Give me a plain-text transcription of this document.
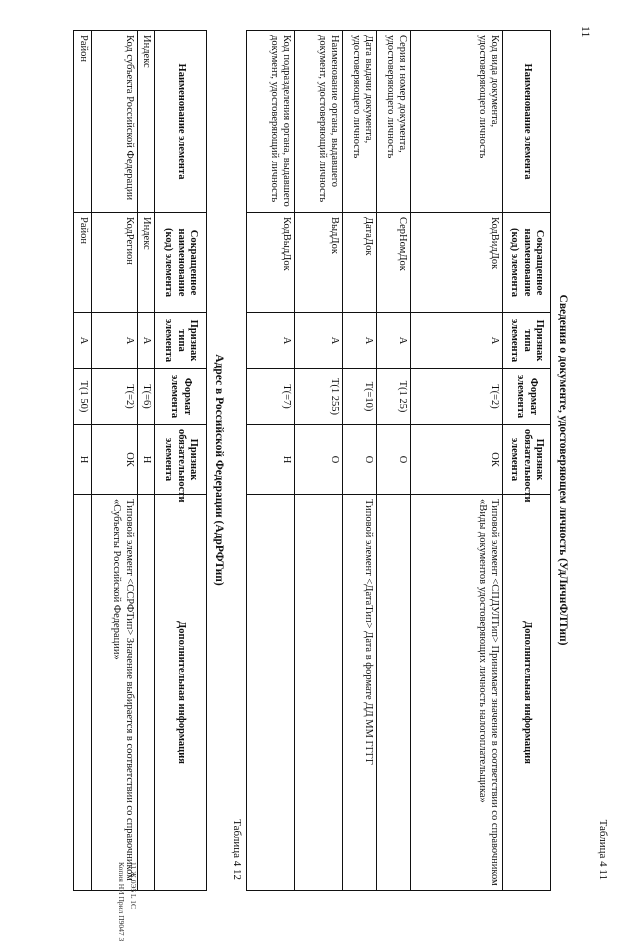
11
Таблица 4 11
Сведения о документе, удостоверяющем личность (УдЛичнФЛТип)
Наименование элемента	Сокращенное наименование (код) элемента	Признак типа элемента	Формат элемента	Признак обязательности элемента	Дополнительная информация
Код вида документа, удостоверяющего личность	КодВидДок	А	T(=2)	ОК	Типовой элемент <СПДУЛТип> Принимает значение в соответствии со справочником «Виды документов удостоверяющих личность налогоплательщика»
Серия и номер документа, удостоверяющего личность	СерНомДок	А	T(1 25)	О	
Дата выдачи документа, удостоверяющего личность	ДатаДок	А	T(=10)	О	Типовой элемент <ДатаТип> Дата в формате ДД ММ ГГГГ
Наименование органа, выдавшего документ, удостоверяющий личность	ВыдДок	А	T(1 255)	О	
Код подразделения органа, выдавшего документ, удостоверяющий личность	КодВыдДок	А	T(=7)	Н	
Таблица 4 12
Адрес в Российской Федерации (АдрРФТип)
Наименование элемента	Сокращенное наименование (код) элемента	Признак типа элемента	Формат элемента	Признак обязательности элемента	Дополнительная информация
Индекс	Индекс	А	T(=6)	Н	
Код субъекта Российской Федерации	КодРегион	А	T(=2)	ОК	Типовой элемент <ССРФТип> Значение выбирается в соответствии со справочником «Субъекты Российской Федерации»
Район	Район	А	T(1 50)	Н	
11 Ж 0Э5 L 1С
Копия НИ Прил П9047 3
